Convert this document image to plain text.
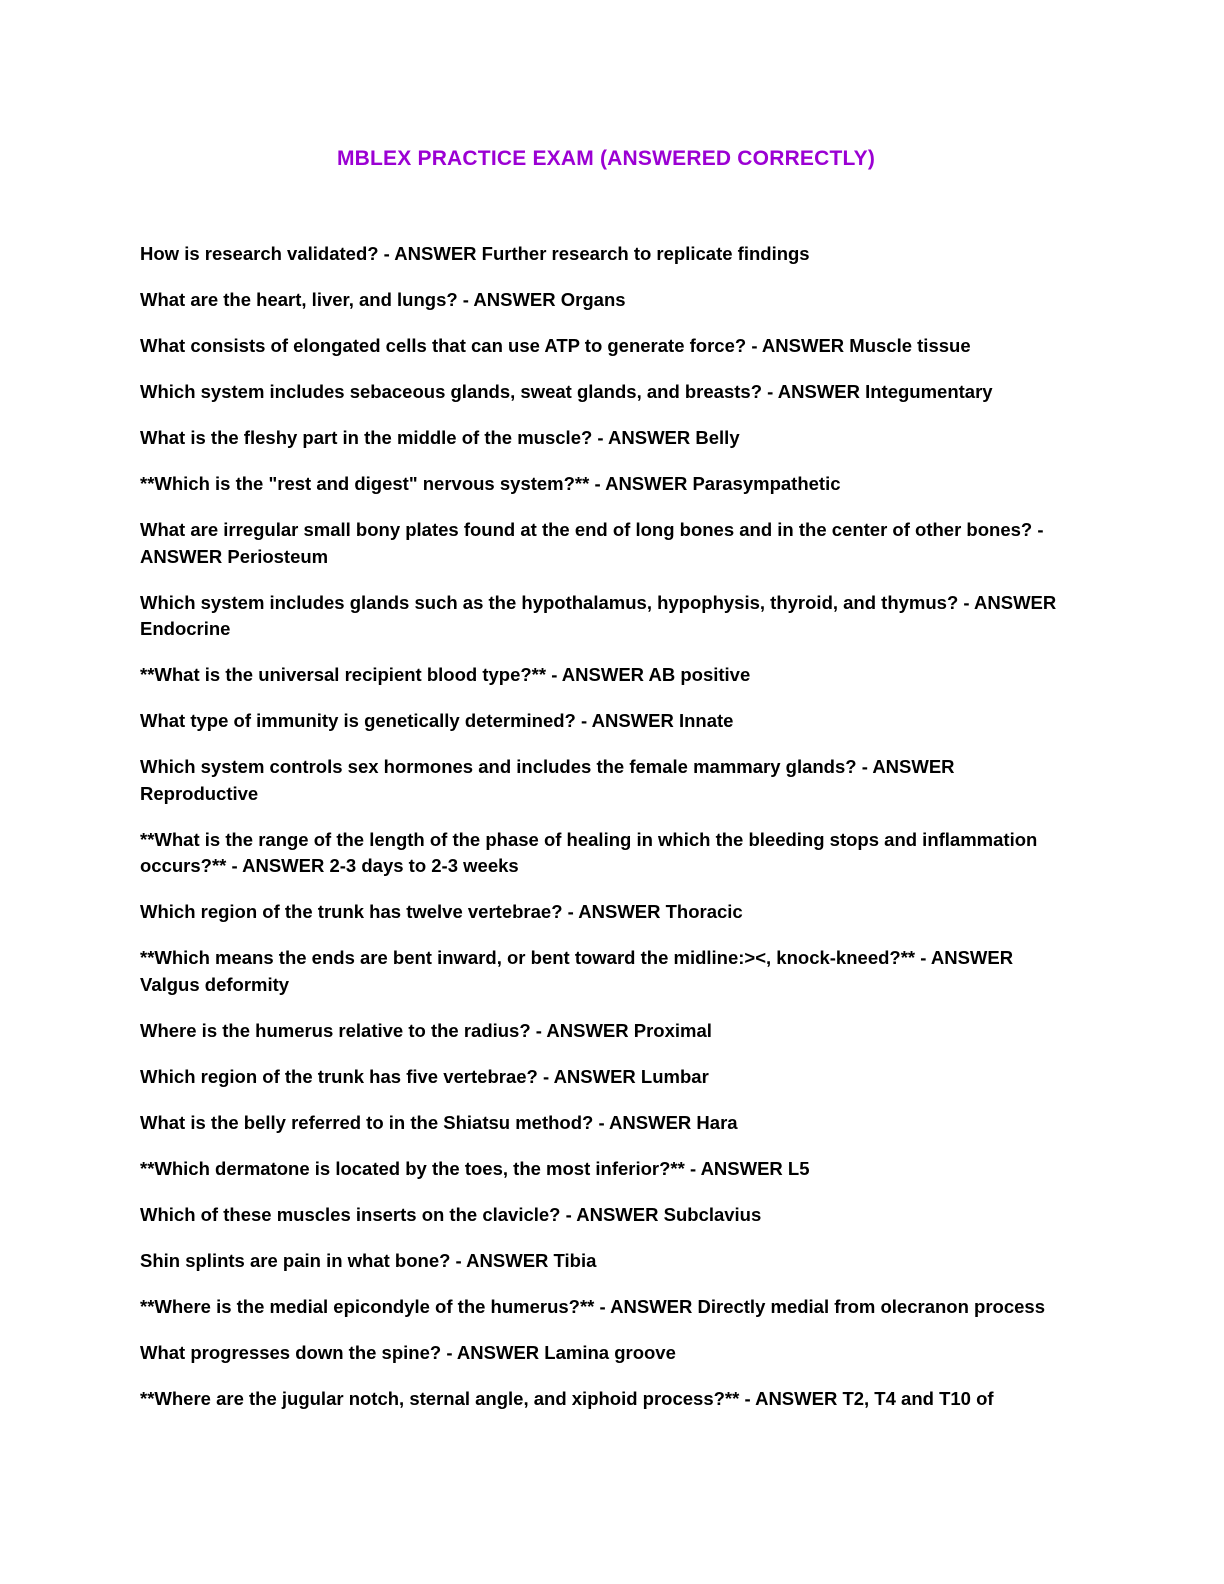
MBLEX PRACTICE EXAM (ANSWERED CORRECTLY)
How is research validated? - ANSWER Further research to replicate findings
What are the heart, liver, and lungs? - ANSWER Organs
What consists of elongated cells that can use ATP to generate force? - ANSWER Muscle tissue
Which system includes sebaceous glands, sweat glands, and breasts? - ANSWER Integumentary
What is the fleshy part in the middle of the muscle? - ANSWER Belly
**Which is the "rest and digest" nervous system?** - ANSWER Parasympathetic
What are irregular small bony plates found at the end of long bones and in the center of other bones? - ANSWER Periosteum
Which system includes glands such as the hypothalamus, hypophysis, thyroid, and thymus? - ANSWER Endocrine
**What is the universal recipient blood type?** - ANSWER AB positive
What type of immunity is genetically determined? - ANSWER Innate
Which system controls sex hormones and includes the female mammary glands? - ANSWER Reproductive
**What is the range of the length of the phase of healing in which the bleeding stops and inflammation occurs?** - ANSWER 2-3 days to 2-3 weeks
Which region of the trunk has twelve vertebrae? - ANSWER Thoracic
**Which means the ends are bent inward, or bent toward the midline:><, knock-kneed?** - ANSWER Valgus deformity
Where is the humerus relative to the radius? - ANSWER Proximal
Which region of the trunk has five vertebrae? - ANSWER Lumbar
What is the belly referred to in the Shiatsu method? - ANSWER Hara
**Which dermatone is located by the toes, the most inferior?** - ANSWER L5
Which of these muscles inserts on the clavicle? - ANSWER Subclavius
Shin splints are pain in what bone? - ANSWER Tibia
**Where is the medial epicondyle of the humerus?** - ANSWER Directly medial from olecranon process
What progresses down the spine? - ANSWER Lamina groove
**Where are the jugular notch, sternal angle, and xiphoid process?** - ANSWER T2, T4 and T10 of
